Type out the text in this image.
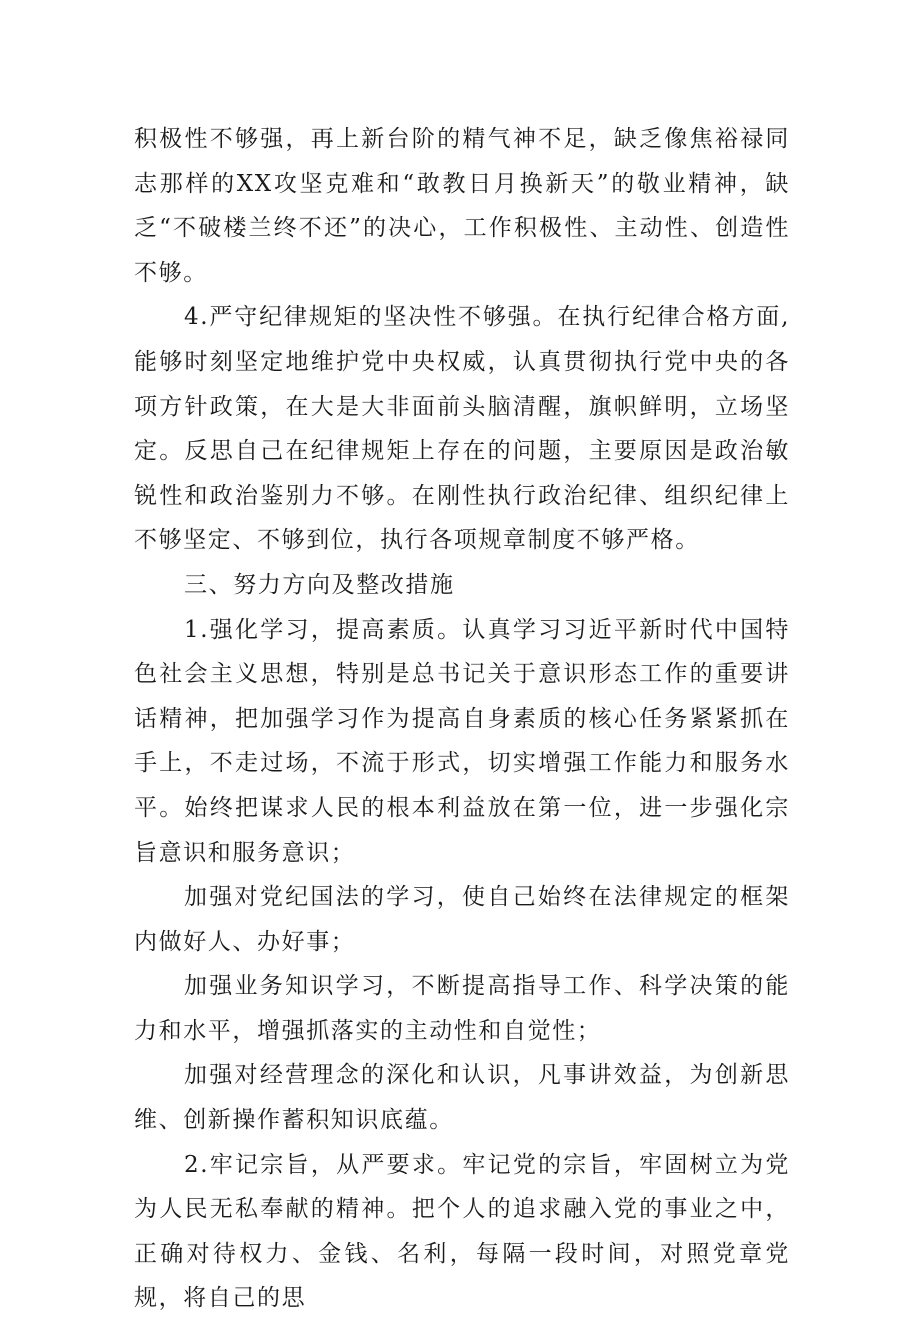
积极性不够强，再上新台阶的精气神不足，缺乏像焦裕禄同志那样的XX攻坚克难和“敢教日月换新天”的敬业精神，缺乏“不破楼兰终不还”的决心，工作积极性、主动性、创造性不够。

4.严守纪律规矩的坚决性不够强。在执行纪律合格方面,能够时刻坚定地维护党中央权威，认真贯彻执行党中央的各项方针政策，在大是大非面前头脑清醒，旗帜鲜明，立场坚定。反思自己在纪律规矩上存在的问题，主要原因是政治敏锐性和政治鉴别力不够。在刚性执行政治纪律、组织纪律上不够坚定、不够到位，执行各项规章制度不够严格。

三、努力方向及整改措施

1.强化学习，提高素质。认真学习习近平新时代中国特色社会主义思想，特别是总书记关于意识形态工作的重要讲话精神，把加强学习作为提高自身素质的核心任务紧紧抓在手上，不走过场，不流于形式，切实增强工作能力和服务水平。始终把谋求人民的根本利益放在第一位，进一步强化宗旨意识和服务意识；

加强对党纪国法的学习，使自己始终在法律规定的框架内做好人、办好事；

加强业务知识学习，不断提高指导工作、科学决策的能力和水平，增强抓落实的主动性和自觉性；

加强对经营理念的深化和认识，凡事讲效益，为创新思维、创新操作蓄积知识底蕴。

2.牢记宗旨，从严要求。牢记党的宗旨，牢固树立为党为人民无私奉献的精神。把个人的追求融入党的事业之中，正确对待权力、金钱、名利，每隔一段时间，对照党章党规，将自己的思
